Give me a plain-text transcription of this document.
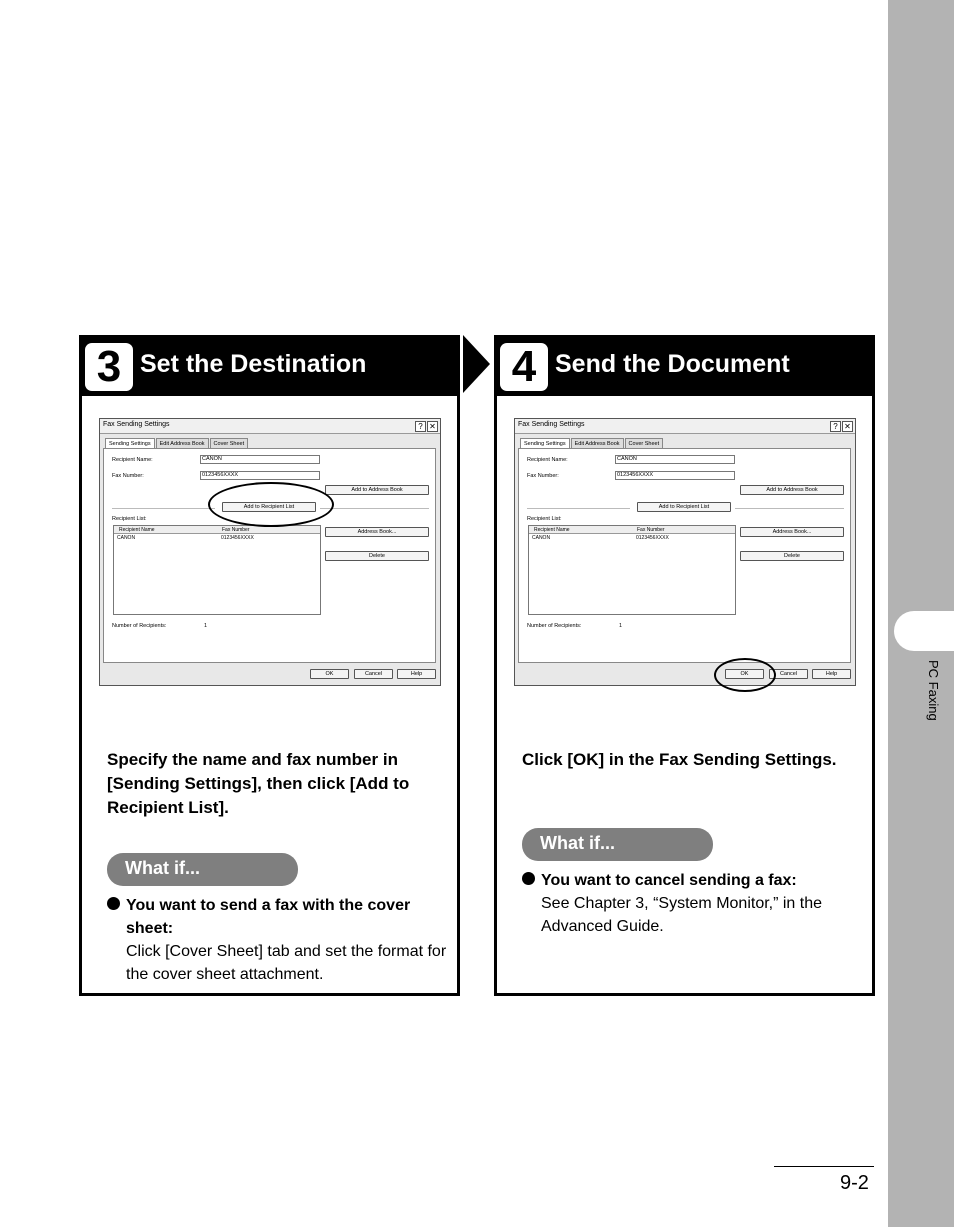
PC Faxing
3 Set the Destination
Fax Sending Settings	? ✕
Sending Settings	Edit Address Book	Cover Sheet
Recipient Name:	CANON
Fax Number:	0123456XXXX
Add to Address Book
Add to Recipient List
Recipient List:
Recipient Name	Fax Number
CANON	0123456XXXX
Address Book...
Delete
Number of Recipients:	1
OK	Cancel	Help
Specify the name and fax number in [Sending Settings], then click [Add to Recipient List].
What if...
You want to send a fax with the cover sheet:
Click [Cover Sheet] tab and set the format for the cover sheet attachment.
4 Send the Document
Fax Sending Settings	? ✕
Sending Settings	Edit Address Book	Cover Sheet
Recipient Name:	CANON
Fax Number:	0123456XXXX
Add to Address Book
Add to Recipient List
Recipient List:
Recipient Name	Fax Number
CANON	0123456XXXX
Address Book...
Delete
Number of Recipients:	1
OK	Cancel	Help
Click [OK] in the Fax Sending Settings.
What if...
You want to cancel sending a fax:
See Chapter 3, “System Monitor,” in the Advanced Guide.
9-2
